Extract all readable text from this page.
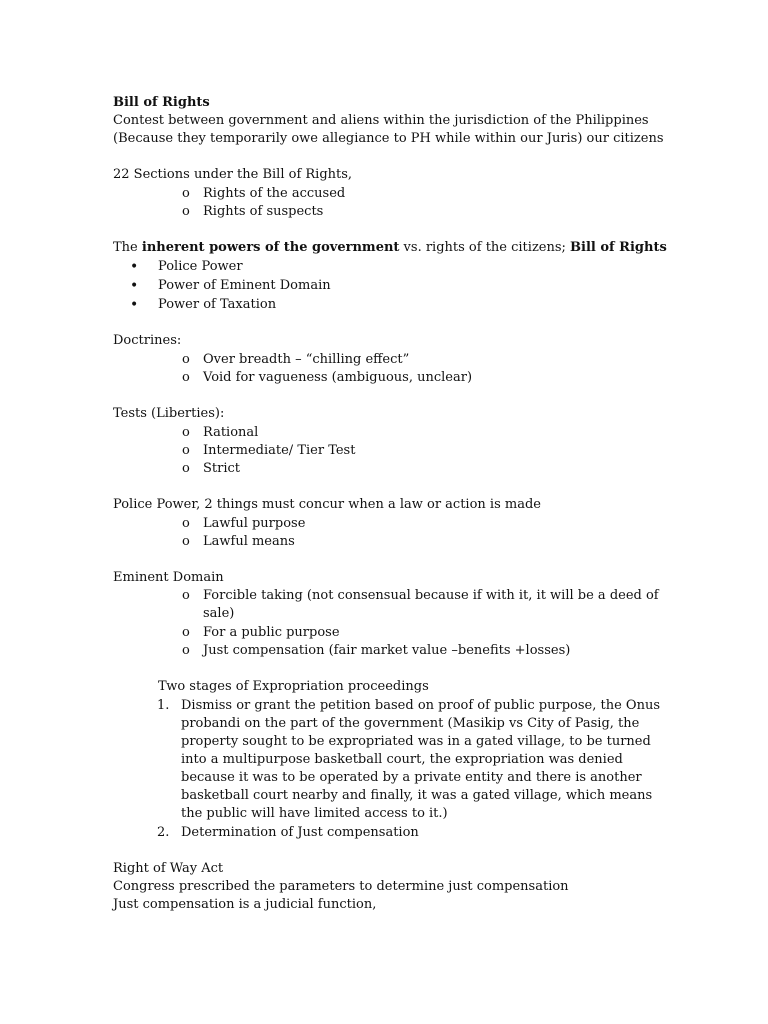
Bill of Rights
Contest between government and aliens within the jurisdiction of the Philippines
(Because they temporarily owe allegiance to PH while within our Juris) our citizens
22 Sections under the Bill of Rights,
o Rights of the accused
o Rights of suspects
The inherent powers of the government vs. rights of the citizens; Bill of Rights
• Police Power
• Power of Eminent Domain
• Power of Taxation
Doctrines:
o Over breadth – “chilling effect”
o Void for vagueness (ambiguous, unclear)
Tests (Liberties):
o Rational
o Intermediate/ Tier Test
o Strict
Police Power, 2 things must concur when a law or action is made
o Lawful purpose
o Lawful means
Eminent Domain
o Forcible taking (not consensual because if with it, it will be a deed of
sale)
o For a public purpose
o Just compensation (fair market value –benefits +losses)
Two stages of Expropriation proceedings
1. Dismiss or grant the petition based on proof of public purpose, the Onus
probandi on the part of the government (Masikip vs City of Pasig, the
property sought to be expropriated was in a gated village, to be turned
into a multipurpose basketball court, the expropriation was denied
because it was to be operated by a private entity and there is another
basketball court nearby and finally, it was a gated village, which means
the public will have limited access to it.)
2. Determination of Just compensation
Right of Way Act
Congress prescribed the parameters to determine just compensation
Just compensation is a judicial function,
